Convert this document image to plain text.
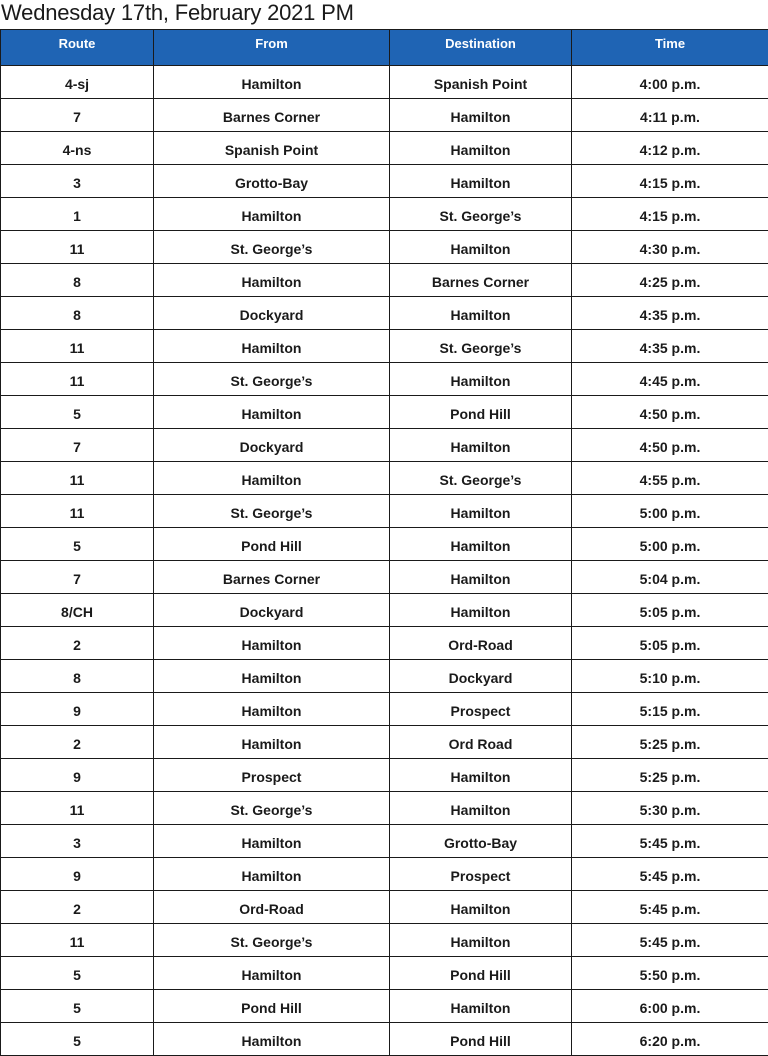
Wednesday 17th, February 2021 PM
Route	From	Destination	Time
4-sj	Hamilton	Spanish Point	4:00 p.m.
7	Barnes Corner	Hamilton	4:11 p.m.
4-ns	Spanish Point	Hamilton	4:12 p.m.
3	Grotto-Bay	Hamilton	4:15 p.m.
1	Hamilton	St. George’s	4:15 p.m.
11	St. George’s	Hamilton	4:30 p.m.
8	Hamilton	Barnes Corner	4:25 p.m.
8	Dockyard	Hamilton	4:35 p.m.
11	Hamilton	St. George’s	4:35 p.m.
11	St. George’s	Hamilton	4:45 p.m.
5	Hamilton	Pond Hill	4:50 p.m.
7	Dockyard	Hamilton	4:50 p.m.
11	Hamilton	St. George’s	4:55 p.m.
11	St. George’s	Hamilton	5:00 p.m.
5	Pond Hill	Hamilton	5:00 p.m.
7	Barnes Corner	Hamilton	5:04 p.m.
8/CH	Dockyard	Hamilton	5:05 p.m.
2	Hamilton	Ord-Road	5:05 p.m.
8	Hamilton	Dockyard	5:10 p.m.
9	Hamilton	Prospect	5:15 p.m.
2	Hamilton	Ord Road	5:25 p.m.
9	Prospect	Hamilton	5:25 p.m.
11	St. George’s	Hamilton	5:30 p.m.
3	Hamilton	Grotto-Bay	5:45 p.m.
9	Hamilton	Prospect	5:45 p.m.
2	Ord-Road	Hamilton	5:45 p.m.
11	St. George’s	Hamilton	5:45 p.m.
5	Hamilton	Pond Hill	5:50 p.m.
5	Pond Hill	Hamilton	6:00 p.m.
5	Hamilton	Pond Hill	6:20 p.m.
